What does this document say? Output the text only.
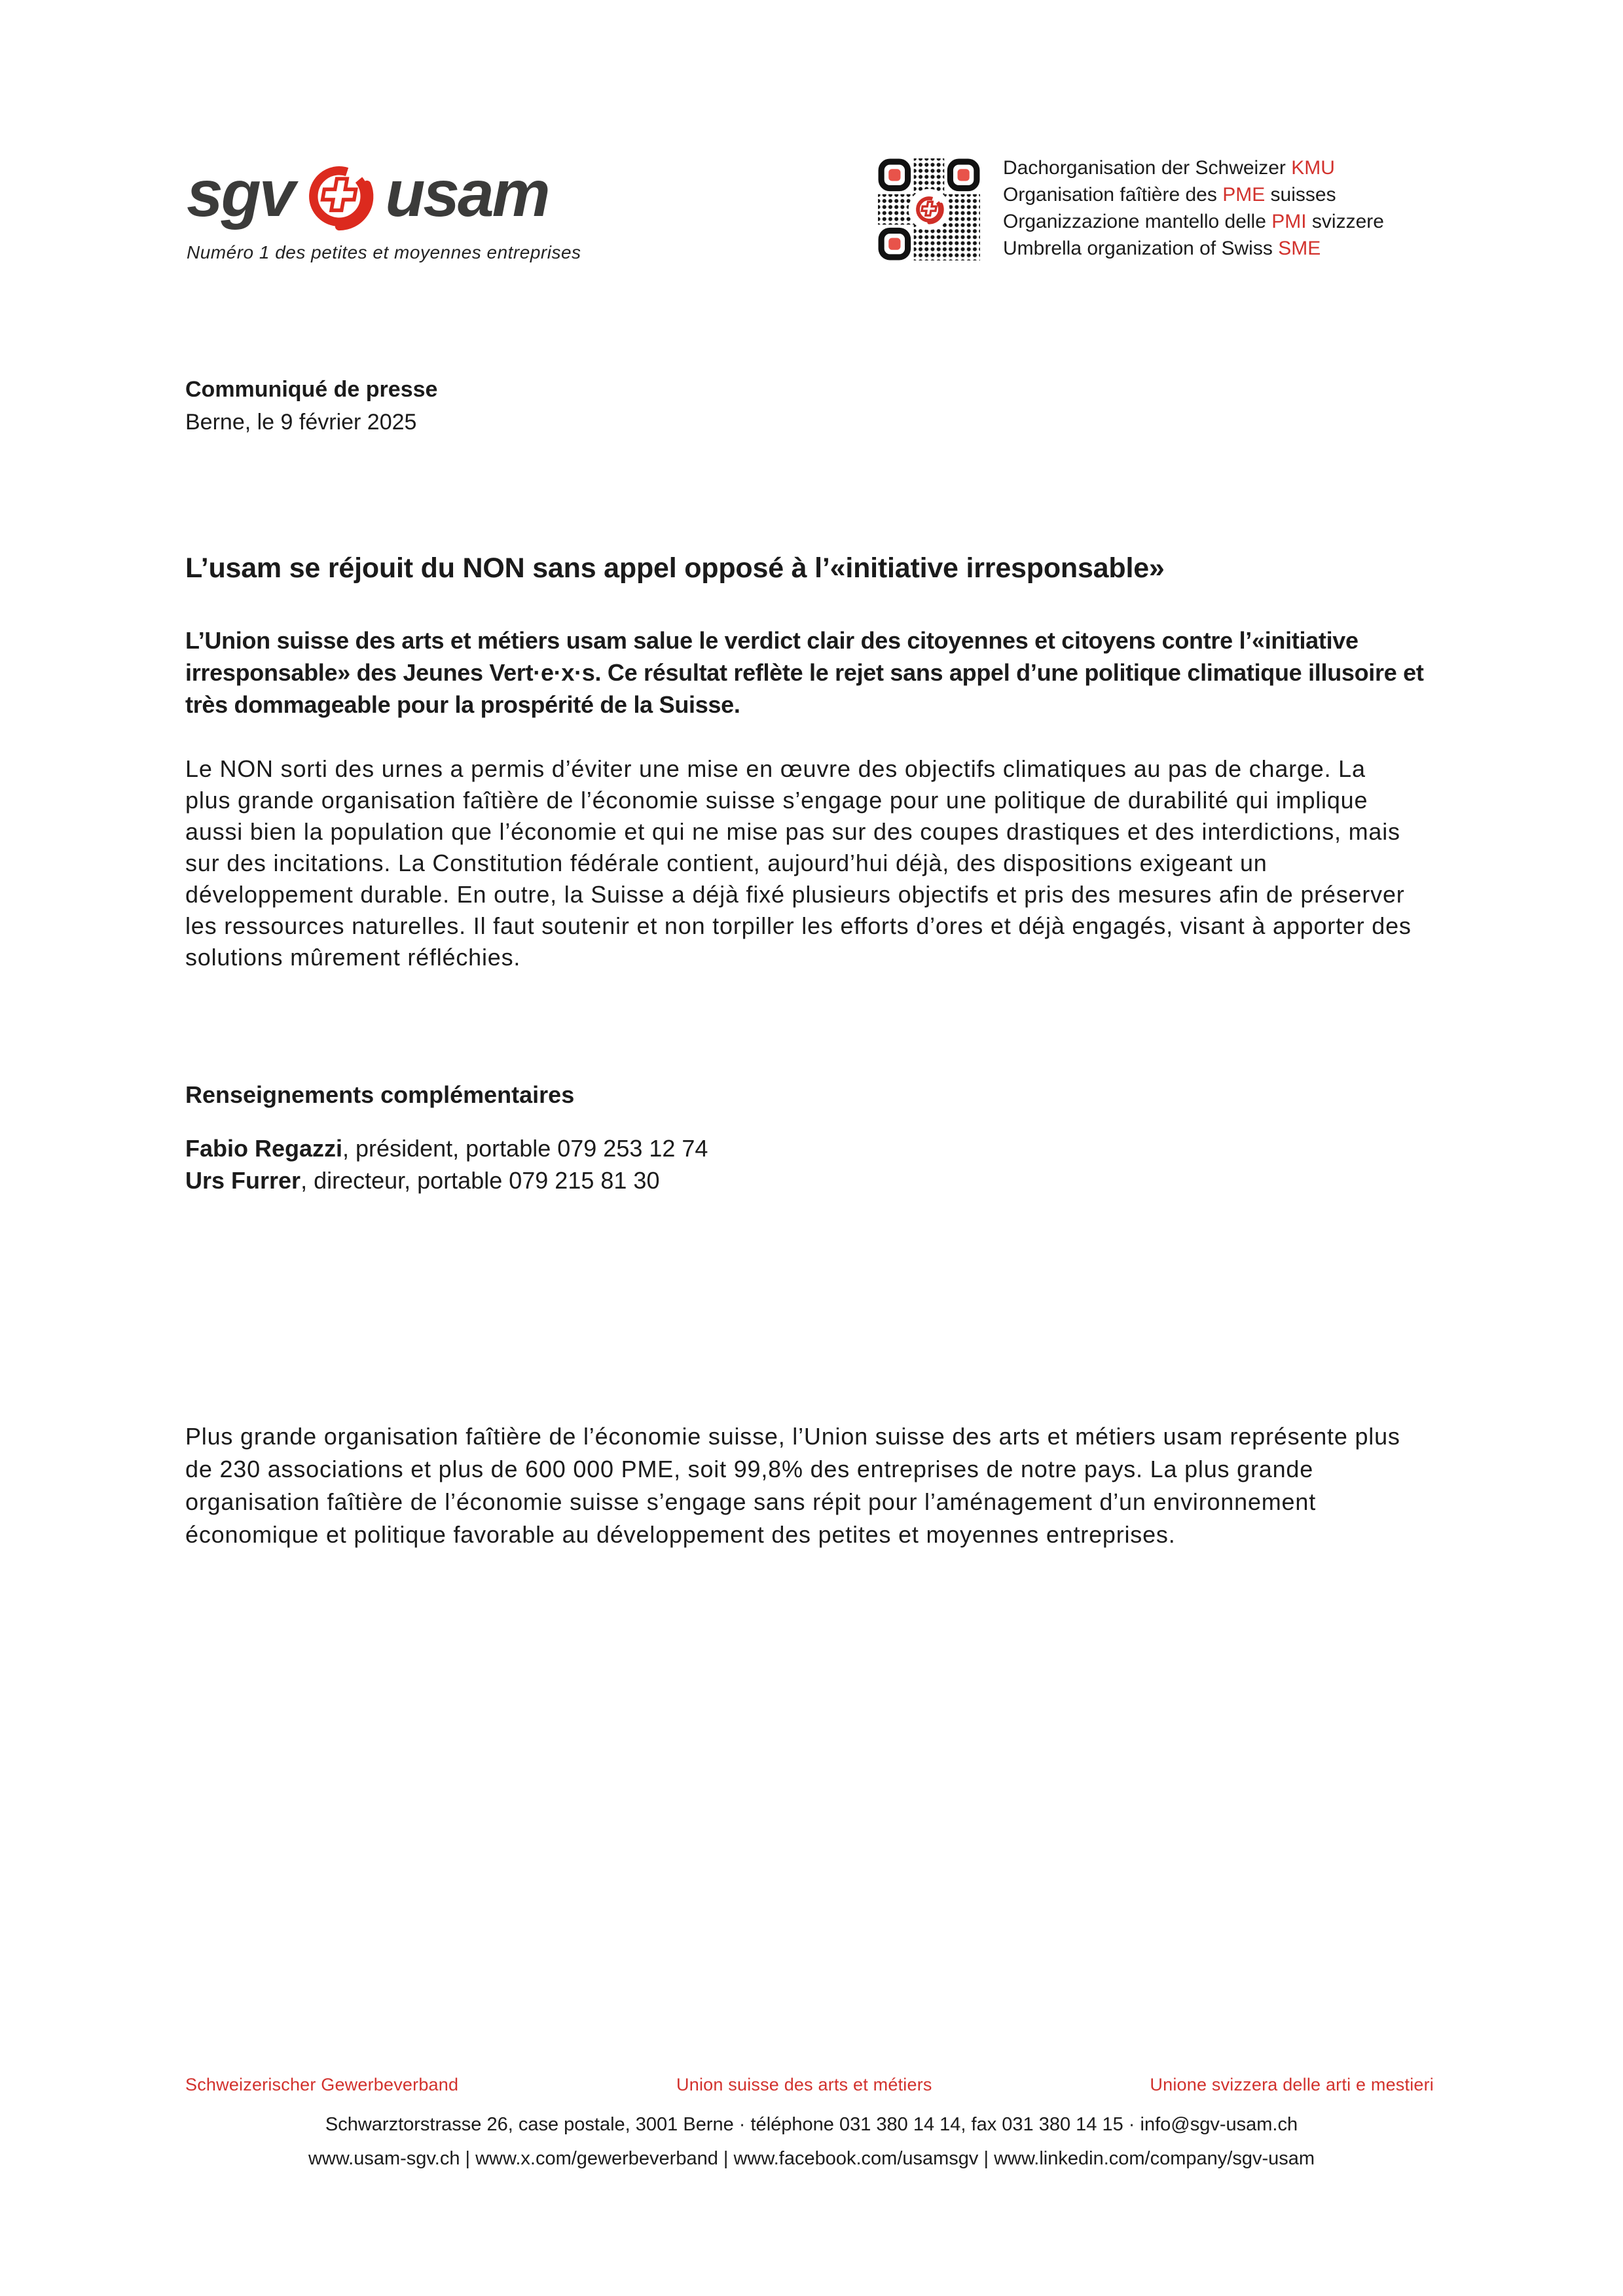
sgv usam
Numéro 1 des petites et moyennes entreprises
Dachorganisation der Schweizer KMU
Organisation faîtière des PME suisses
Organizzazione mantello delle PMI svizzere
Umbrella organization of Swiss SME
Communiqué de presse
Berne, le 9 février 2025
L’usam se réjouit du NON sans appel opposé à l’«initiative irresponsable»

L’Union suisse des arts et métiers usam salue le verdict clair des citoyennes et citoyens contre l’«initiative irresponsable» des Jeunes Vert·e·x·s. Ce résultat reflète le rejet sans appel d’une politique climatique illusoire et très dommageable pour la prospérité de la Suisse.

Le NON sorti des urnes a permis d’éviter une mise en œuvre des objectifs climatiques au pas de charge. La plus grande organisation faîtière de l’économie suisse s’engage pour une politique de durabilité qui implique aussi bien la population que l’économie et qui ne mise pas sur des coupes drastiques et des interdictions, mais sur des incitations. La Constitution fédérale contient, aujourd’hui déjà, des dispositions exigeant un développement durable. En outre, la Suisse a déjà fixé plusieurs objectifs et pris des mesures afin de préserver les ressources naturelles. Il faut soutenir et non torpiller les efforts d’ores et déjà engagés, visant à apporter des solutions mûrement réfléchies.

Renseignements complémentaires
Fabio Regazzi, président, portable 079 253 12 74
Urs Furrer, directeur, portable 079 215 81 30

Plus grande organisation faîtière de l’économie suisse, l’Union suisse des arts et métiers usam représente plus de 230 associations et plus de 600 000 PME, soit 99,8% des entreprises de notre pays. La plus grande organisation faîtière de l’économie suisse s’engage sans répit pour l’aménagement d’un environnement économique et politique favorable au développement des petites et moyennes entreprises.

Schweizerischer Gewerbeverband	Union suisse des arts et métiers	Unione svizzera delle arti e mestieri
Schwarztorstrasse 26, case postale, 3001 Berne · téléphone 031 380 14 14, fax 031 380 14 15 · info@sgv-usam.ch
www.usam-sgv.ch | www.x.com/gewerbeverband | www.facebook.com/usamsgv | www.linkedin.com/company/sgv-usam
